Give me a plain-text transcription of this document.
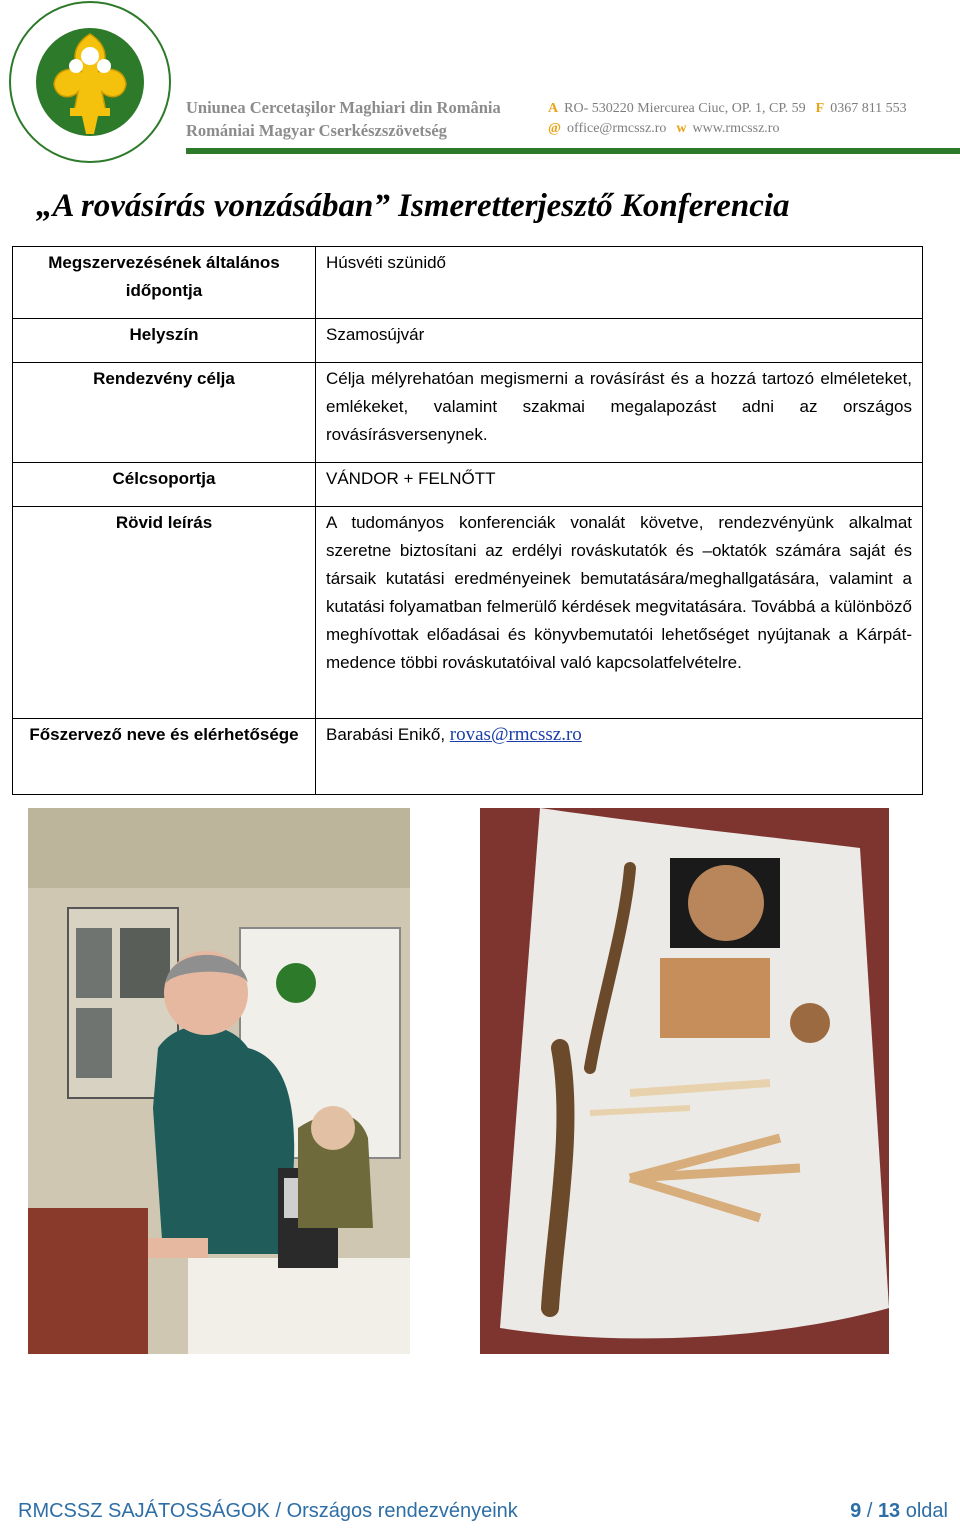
Uniunea Cercetaşilor Maghiari din România
Romániai Magyar Cserkészszövetség
A RO- 530220 Miercurea Ciuc, OP. 1, CP. 59 F 0367 811 553
@ office@rmcssz.ro w www.rmcssz.ro
„A rovásírás vonzásában” Ismeretterjesztő Konferencia
Megszervezésének általános időpontja	Húsvéti szünidő
Helyszín	Szamosújvár
Rendezvény célja	Célja mélyrehatóan megismerni a rovásírást és a hozzá tartozó elméleteket, emlékeket, valamint szakmai megalapozást adni az országos rovásírásversenynek.
Célcsoportja	VÁNDOR + FELNŐTT
Rövid leírás	A tudományos konferenciák vonalát követve, rendezvényünk alkalmat szeretne biztosítani az erdélyi rováskutatók és –oktatók számára saját és társaik kutatási eredményeinek bemutatására/meghallgatására, valamint a kutatási folyamatban felmerülő kérdések megvitatására. Továbbá a különböző meghívottak előadásai és könyvbemutatói lehetőséget nyújtanak a Kárpát-medence többi rováskutatóival való kapcsolatfelvételre.
Főszervező neve és elérhetősége	Barabási Enikő, rovas@rmcssz.ro
RMCSSZ SAJÁTOSSÁGOK / Országos rendezvényeink	9 / 13 oldal
